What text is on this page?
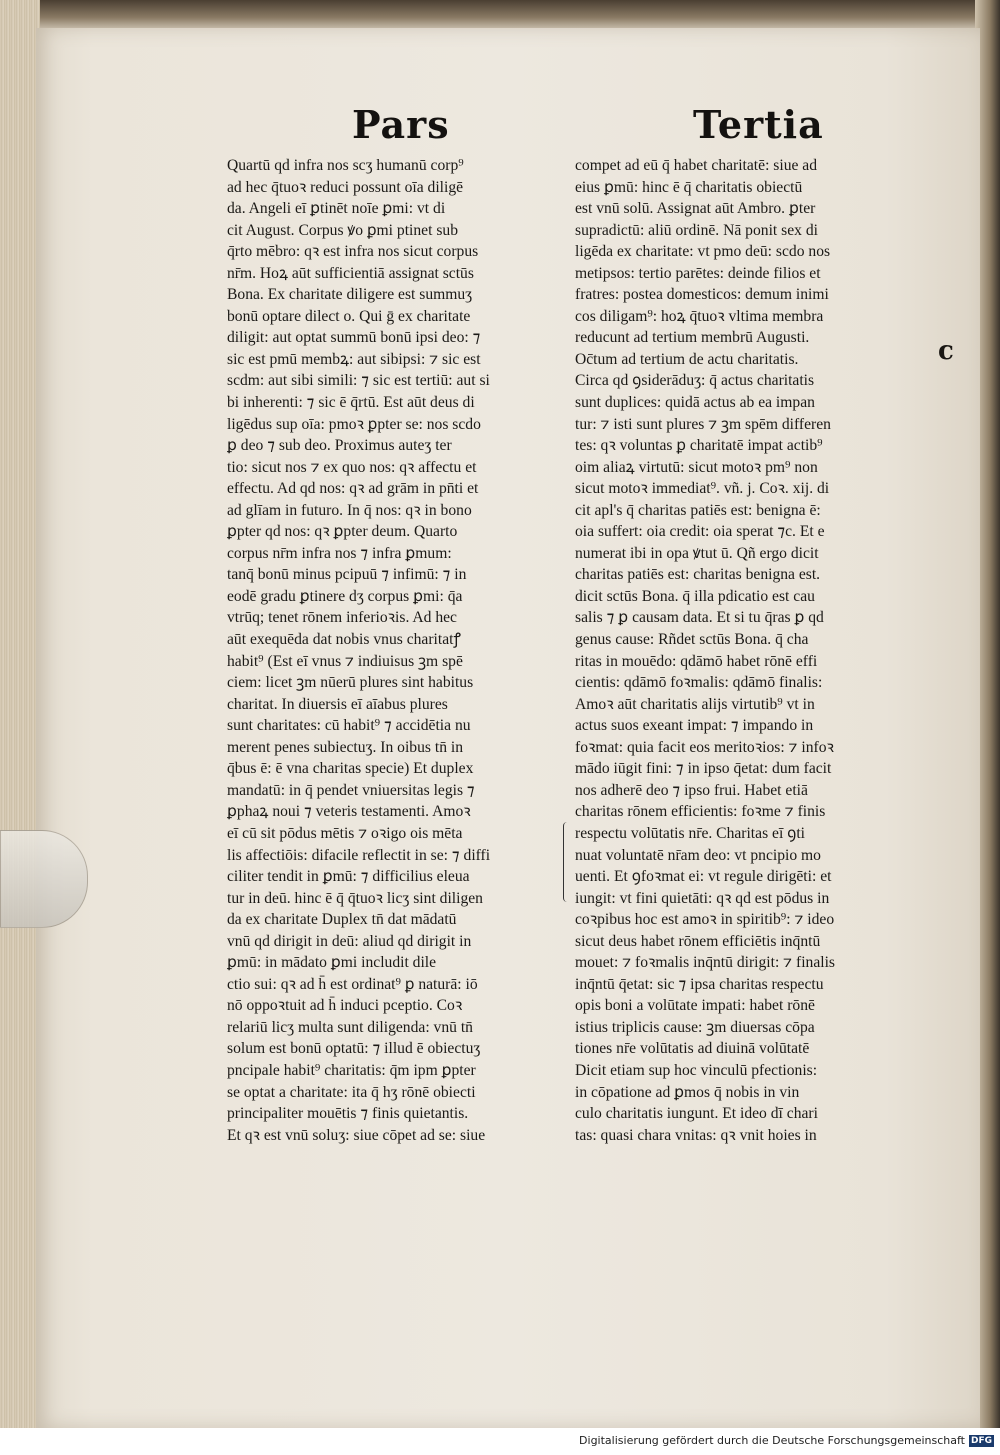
Pars	Tertia
Quartū qd infra nos scʒ humanū corp⁹
ad hec q̄tuoꝛ reduci possunt oīa diligē
da. Angeli eī ꝑtinēt noīe ꝑmi: vt di
cit August. Corpus ꝟo ꝑmi ptinet sub
q̄rto mēbro: qꝛ est infra nos sicut corpus
nr̄m. Hoꝝ aūt sufficientiā assignat sctūs
Bona. Ex charitate diligere est summuʒ
bonū optare dilect o. Qui ḡ ex charitate
diligit: aut optat summū bonū ipsi deo: ⁊
sic est pmū membꝝ: aut sibipsi: ⁊ sic est
scdm: aut sibi simili: ⁊ sic est tertiū: aut si
bi inherenti: ⁊ sic ē q̄rtū. Est aūt deus di
ligēdus sup oīa: pmoꝛ ꝑpter se: nos scdo
ꝑ deo ⁊ sub deo. Proximus auteʒ ter
tio: sicut nos ⁊ ex quo nos: qꝛ affectu et
effectu. Ad qd nos: qꝛ ad grām in pn̄ti et
ad glīam in futuro. In q̄ nos: qꝛ in bono
ꝑpter qd nos: qꝛ ꝑpter deum. Quarto
corpus nr̄m infra nos ⁊ infra ꝑmum:
tanq̄ bonū minus pcipuū ⁊ infimū: ⁊ in
eodē gradu ꝑtinere dʒ corpus ꝑmi: q̄a
vtrūq; tenet rōnem inferioꝛis. Ad hec
aūt exequēda dat nobis vnus charitatꝭ
habit⁹ (Est eī vnus ⁊ indiuisus ꝫm spē
ciem: licet ꝫm nūerū plures sint habitus
charitat. In diuersis eī aīabus plures
sunt charitates: cū habit⁹ ⁊ accidētia nu
merent penes subiectuʒ. In oibus tn̄ in
q̄bus ē: ē vna charitas specie) Et duplex
mandatū: in q̄ pendet vniuersitas legis ⁊
ꝑphaꝝ noui ⁊ veteris testamenti. Amoꝛ
eī cū sit pōdus mētis ⁊ oꝛigo ois mēta
lis affectiōis: difacile reflectit in se: ⁊ diffi
ciliter tendit in ꝑmū: ⁊ difficilius eleua
tur in deū. hinc ē q̄ q̄tuoꝛ licʒ sint diligen
da ex charitate Duplex tn̄ dat mādatū
vnū qd dirigit in deū: aliud qd dirigit in
ꝑmū: in mādato ꝑmi includit dile
ctio sui: qꝛ ad h̄ est ordinat⁹ ꝑ naturā: iō
nō oppoꝛtuit ad h̄ induci pceptio. Coꝛ
relariū licʒ multa sunt diligenda: vnū tn̄
solum est bonū optatū: ⁊ illud ē obiectuʒ
pncipale habit⁹ charitatis: q̄m ipm ꝑpter
se optat a charitate: ita q̄ hʒ rōnē obiecti
principaliter mouētis ⁊ finis quietantis.
Et qꝛ est vnū soluʒ: siue cōpet ad se: siue
compet ad eū q̄ habet charitatē: siue ad
eius ꝑmū: hinc ē q̄ charitatis obiectū
est vnū solū. Assignat aūt Ambro. ꝑter
supradictū: aliū ordinē. Nā ponit sex di
ligēda ex charitate: vt pmo deū: scdo nos
metipsos: tertio parētes: deinde filios et
fratres: postea domesticos: demum inimi
cos diligam⁹: hoꝝ q̄tuoꝛ vltima membra
reducunt ad tertium membrū Augusti.
Oc̄tum ad tertium de actu charitatis.
Circa qd ꝯsiderāduʒ: q̄ actus charitatis
sunt duplices: quidā actus ab ea impan
tur: ⁊ isti sunt plures ⁊ ꝫm spēm differen
tes: qꝛ voluntas ꝑ charitatē impat actib⁹
oim aliaꝝ virtutū: sicut motoꝛ pm⁹ non
sicut motoꝛ immediat⁹. vñ. j. Coꝛ. xij. di
cit apl's q̄ charitas patiēs est: benigna ē:
oia suffert: oia credit: oia sperat ⁊c. Et e
numerat ibi in opa ꝟtut ū. Qñ ergo dicit
charitas patiēs est: charitas benigna est.
dicit sctūs Bona. q̄ illa pdicatio est cau
salis ⁊ ꝑ causam data. Et si tu q̄ras ꝑ qd
genus cause: Rñdet sctūs Bona. q̄ cha
ritas in mouēdo: qdāmō habet rōnē effi
cientis: qdāmō foꝛmalis: qdāmō finalis:
Amoꝛ aūt charitatis alijs virtutib⁹ vt in
actus suos exeant impat: ⁊ impando in
foꝛmat: quia facit eos meritoꝛios: ⁊ infoꝛ
mādo iūgit fini: ⁊ in ipso q̄etat: dum facit
nos adherē deo ⁊ ipso frui. Habet etiā
charitas rōnem efficientis: foꝛme ⁊ finis
respectu volūtatis nr̄e. Charitas eī ꝯti
nuat voluntatē nr̄am deo: vt pncipio mo
uenti. Et ꝯfoꝛmat ei: vt regule dirigēti: et
iungit: vt fini quietāti: qꝛ qd est pōdus in
coꝛpibus hoc est amoꝛ in spiritib⁹: ⁊ ideo
sicut deus habet rōnem efficiētis inq̄ntū
mouet: ⁊ foꝛmalis inq̄ntū dirigit: ⁊ finalis
inq̄ntū q̄etat: sic ⁊ ipsa charitas respectu
opis boni a volūtate impati: habet rōnē
istius triplicis cause: ꝫm diuersas cōpa
tiones nr̄e volūtatis ad diuinā volūtatē
Dicit etiam sup hoc vinculū pfectionis:
in cōpatione ad ꝑmos q̄ nobis in vin
culo charitatis iungunt. Et ideo dī chari
tas: quasi chara vnitas: qꝛ vnit hoies in
c
Digitalisierung gefördert durch die Deutsche Forschungsgemeinschaft DFG
